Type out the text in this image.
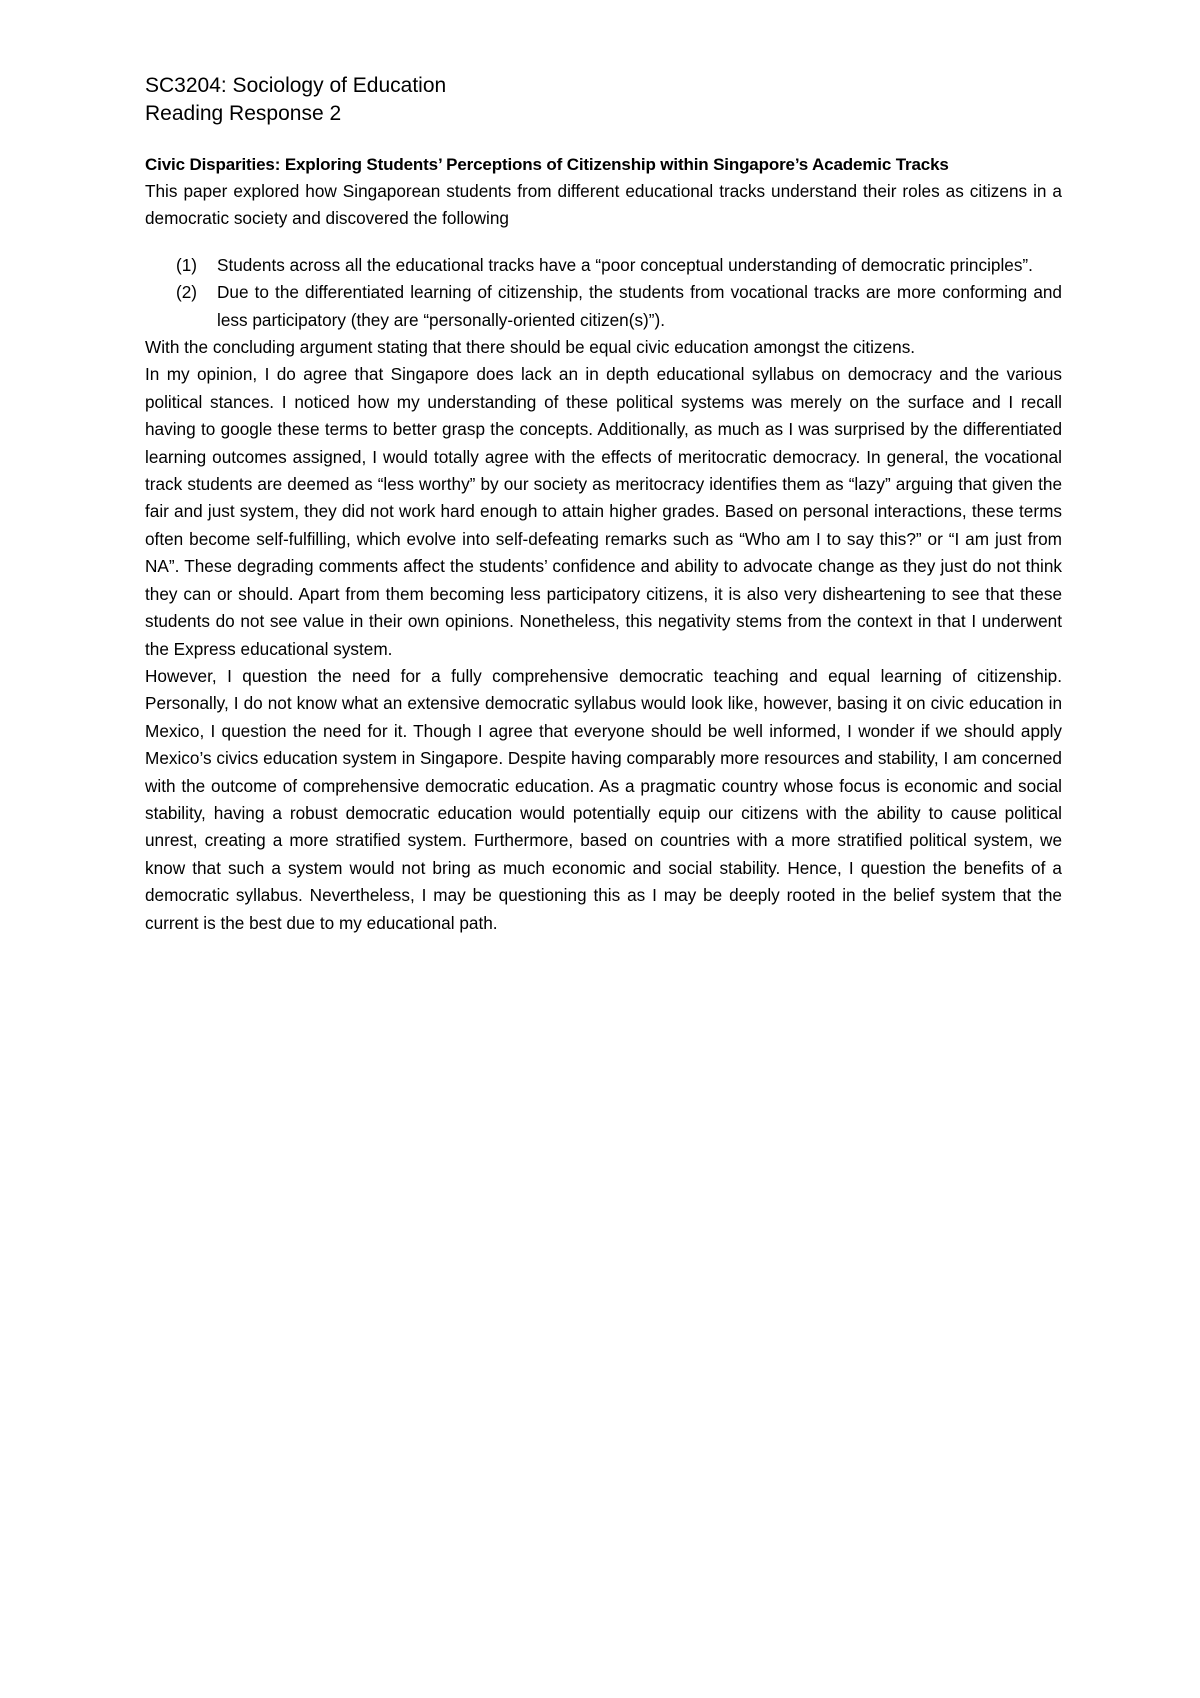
SC3204: Sociology of Education
Reading Response 2
Civic Disparities: Exploring Students’ Perceptions of Citizenship within Singapore’s Academic Tracks

This paper explored how Singaporean students from different educational tracks understand their roles as citizens in a democratic society and discovered the following

(1) Students across all the educational tracks have a “poor conceptual understanding of democratic principles”.
(2) Due to the differentiated learning of citizenship, the students from vocational tracks are more conforming and less participatory (they are “personally-oriented citizen(s)”).

With the concluding argument stating that there should be equal civic education amongst the citizens.

In my opinion, I do agree that Singapore does lack an in depth educational syllabus on democracy and the various political stances. I noticed how my understanding of these political systems was merely on the surface and I recall having to google these terms to better grasp the concepts. Additionally, as much as I was surprised by the differentiated learning outcomes assigned, I would totally agree with the effects of meritocratic democracy. In general, the vocational track students are deemed as “less worthy” by our society as meritocracy identifies them as “lazy” arguing that given the fair and just system, they did not work hard enough to attain higher grades. Based on personal interactions, these terms often become self-fulfilling, which evolve into self-defeating remarks such as “Who am I to say this?” or “I am just from NA”. These degrading comments affect the students’ confidence and ability to advocate change as they just do not think they can or should. Apart from them becoming less participatory citizens, it is also very disheartening to see that these students do not see value in their own opinions. Nonetheless, this negativity stems from the context in that I underwent the Express educational system.

However, I question the need for a fully comprehensive democratic teaching and equal learning of citizenship. Personally, I do not know what an extensive democratic syllabus would look like, however, basing it on civic education in Mexico, I question the need for it. Though I agree that everyone should be well informed, I wonder if we should apply Mexico’s civics education system in Singapore. Despite having comparably more resources and stability, I am concerned with the outcome of comprehensive democratic education. As a pragmatic country whose focus is economic and social stability, having a robust democratic education would potentially equip our citizens with the ability to cause political unrest, creating a more stratified system. Furthermore, based on countries with a more stratified political system, we know that such a system would not bring as much economic and social stability. Hence, I question the benefits of a democratic syllabus. Nevertheless, I may be questioning this as I may be deeply rooted in the belief system that the current is the best due to my educational path.
